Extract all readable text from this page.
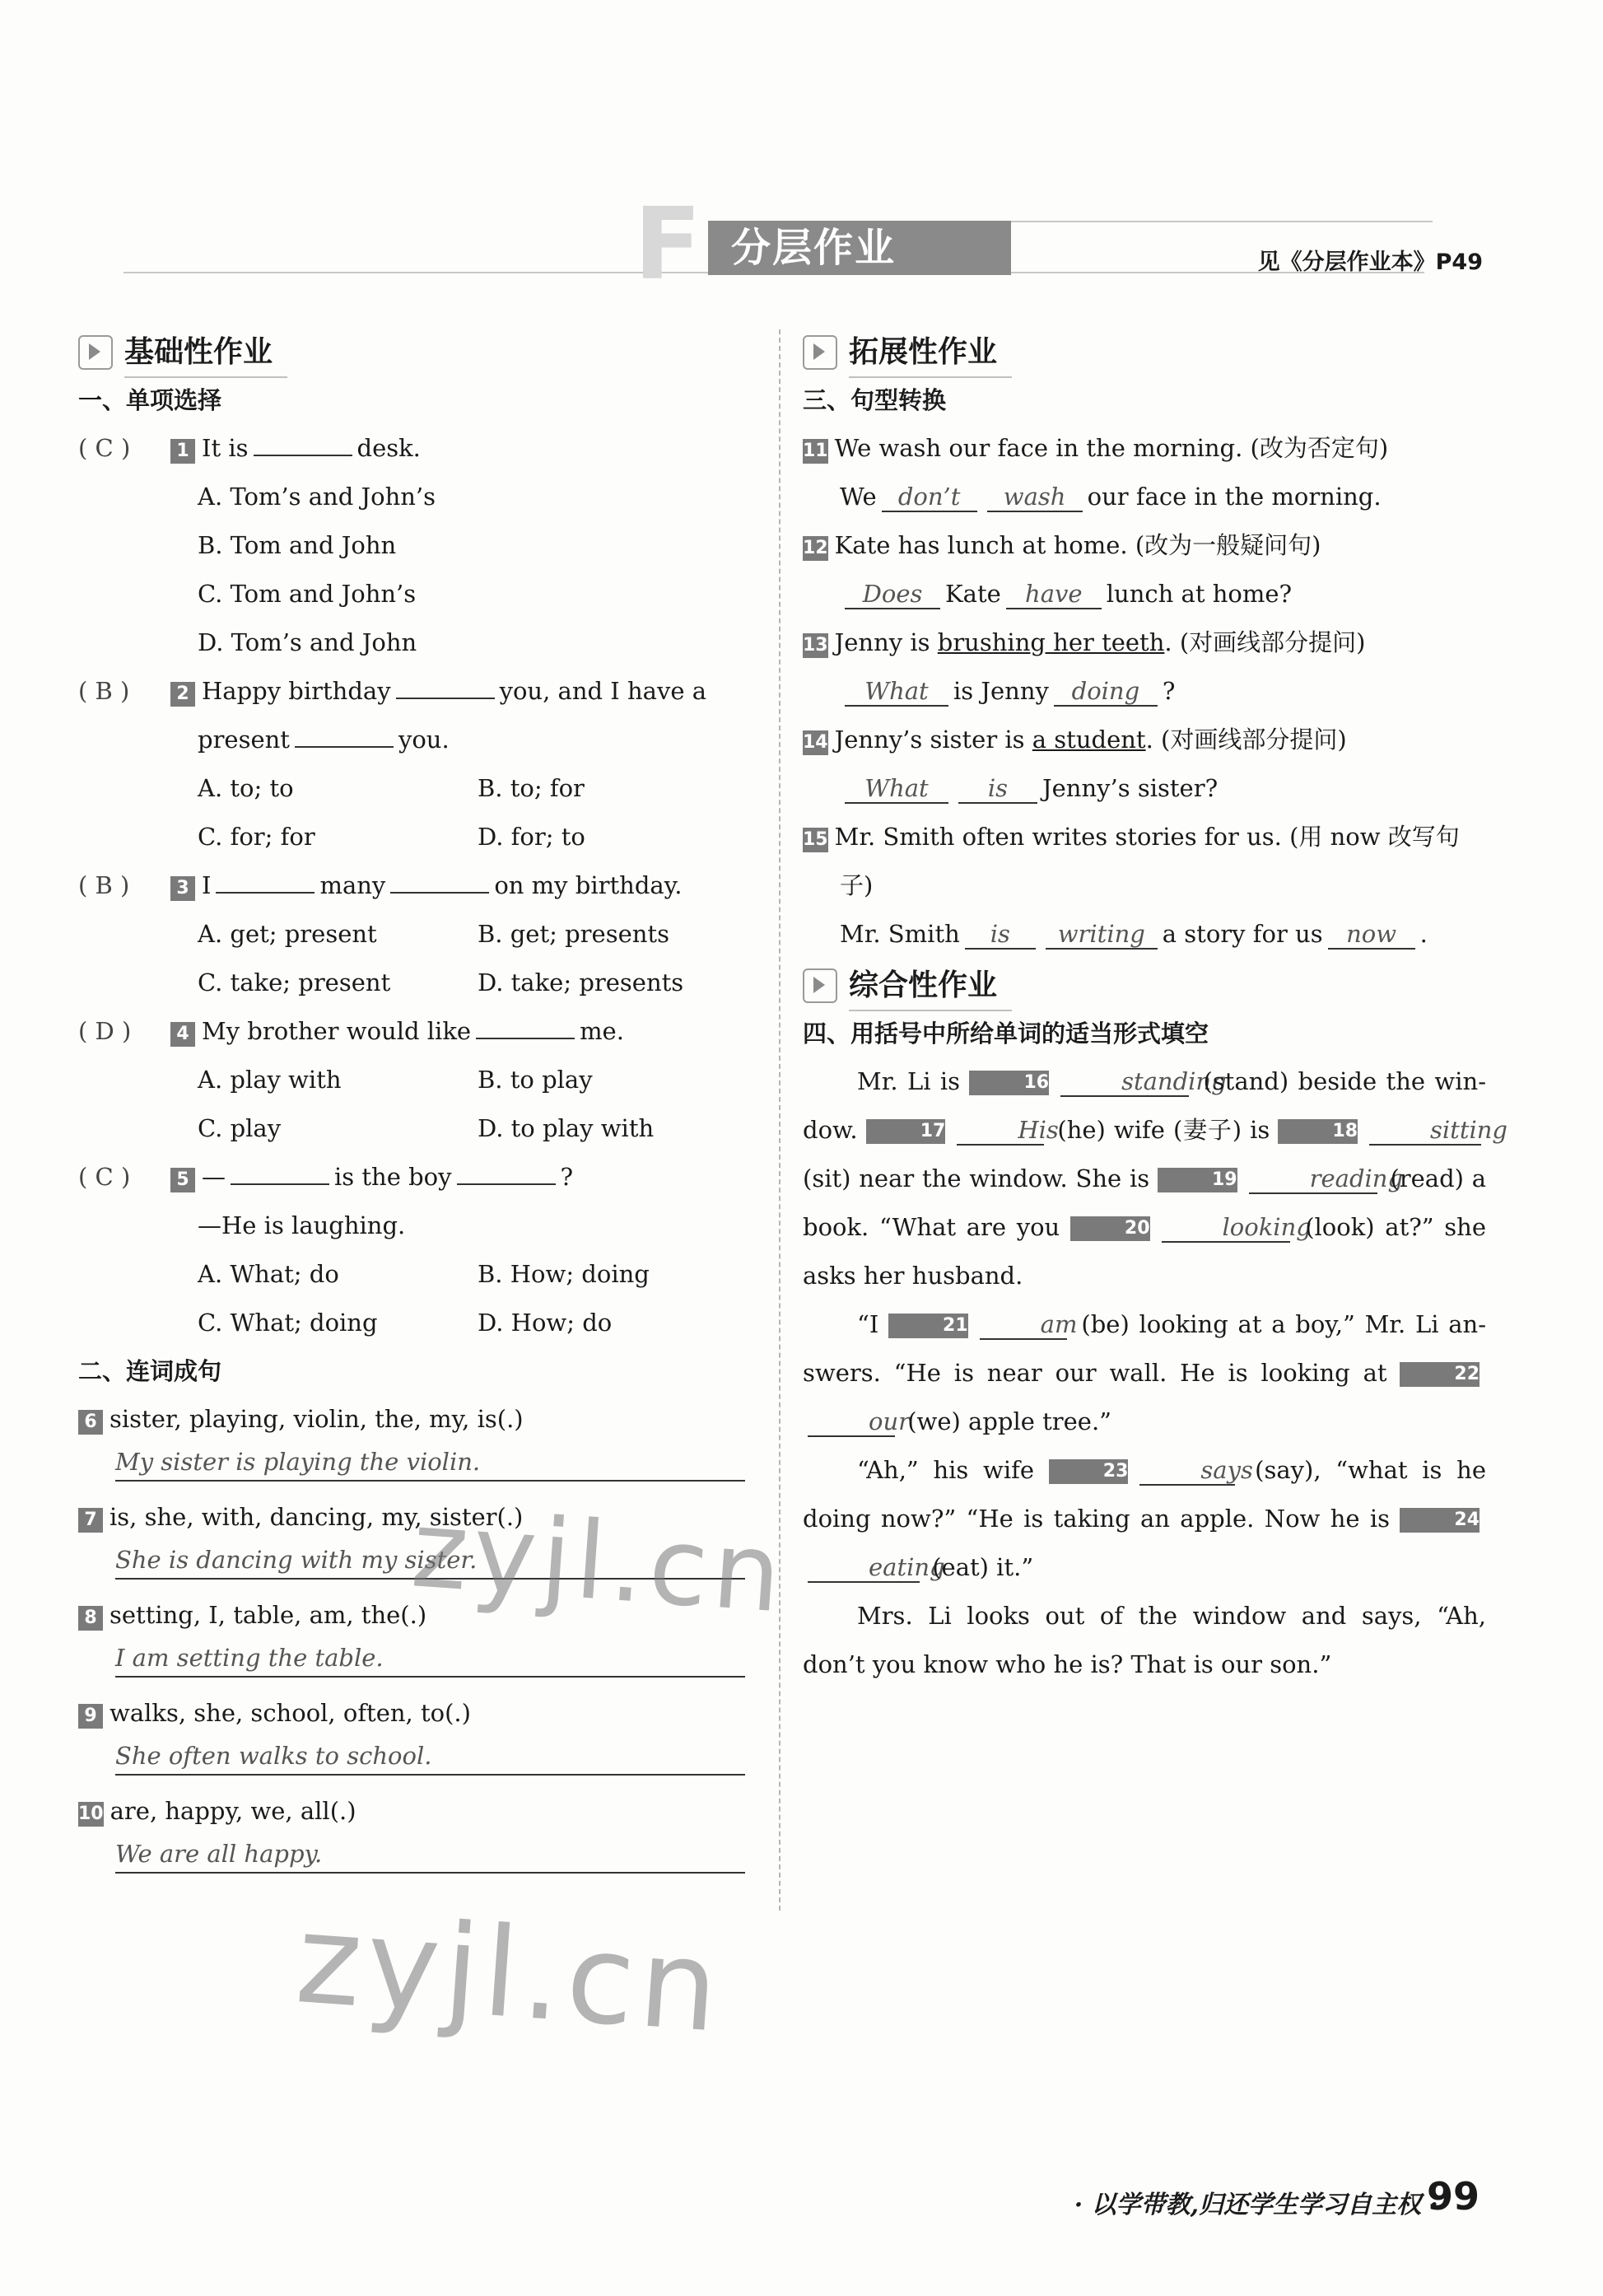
F 分层作业	见《分层作业本》P49
基础性作业
一、单项选择
( C )	1 It is	desk.
A. Tom’s and John’s
B. Tom and John
C. Tom and John’s
D. Tom’s and John
( B )	2 Happy birthday	you, and I have a
present	you.
A. to; to	B. to; for
C. for; for	D. for; to
( B )	3 I	many	on my birthday.
A. get; present	B. get; presents
C. take; present	D. take; presents
( D )	4 My brother would like	me.
A. play with	B. to play
C. play	D. to play with
( C )	5 —	is the boy	?
—He is laughing.
A. What; do	B. How; doing
C. What; doing	D. How; do
二、连词成句
6 sister, playing, violin, the, my, is(.)
My sister is playing the violin.
7 is, she, with, dancing, my, sister(.)
She is dancing with my sister.
8 setting, I, table, am, the(.)
I am setting the table.
9 walks, she, school, often, to(.)
She often walks to school.
10 are, happy, we, all(.)
We are all happy.
拓展性作业
三、句型转换
11 We wash our face in the morning. (改为否定句)
We don’t	wash our face in the morning.
12 Kate has lunch at home. (改为一般疑问句)
Does Kate	have	lunch at home?
13 Jenny is
brushing her teeth . (对画线部分提问)
What	is Jenny doing ?
14 Jenny’s sister is
a student . (对画线部分提问)
What	is	Jenny’s sister?
15 Mr. Smith often writes stories for us. (用 now 改写句
子)
Mr. Smith	is	writing a story for us now .
综合性作业
四、用括号中所给单词的适当形式填空

Mr. Li is	16	standing (stand) beside the win-dow.	17	His (he) wife (妻子) is	18	sitting (sit) near the window. She is	19	reading (read) a book. “What are you	20	looking (look) at?” she asks her husband.

“I	21	am (be) looking at a boy,” Mr. Li an-swers. “He is near our wall. He is looking at	22our (we) apple tree.”

“Ah,” his wife	23	says (say), “what is he doing now?” “He is taking an apple. Now he is	24eating (eat) it.”

Mrs. Li looks out of the window and says, “Ah, don’t you know who he is? That is our son.”

zyjl.cn
zyjl.cn
· 以学带教,归还学生学习自主权 ·
99
